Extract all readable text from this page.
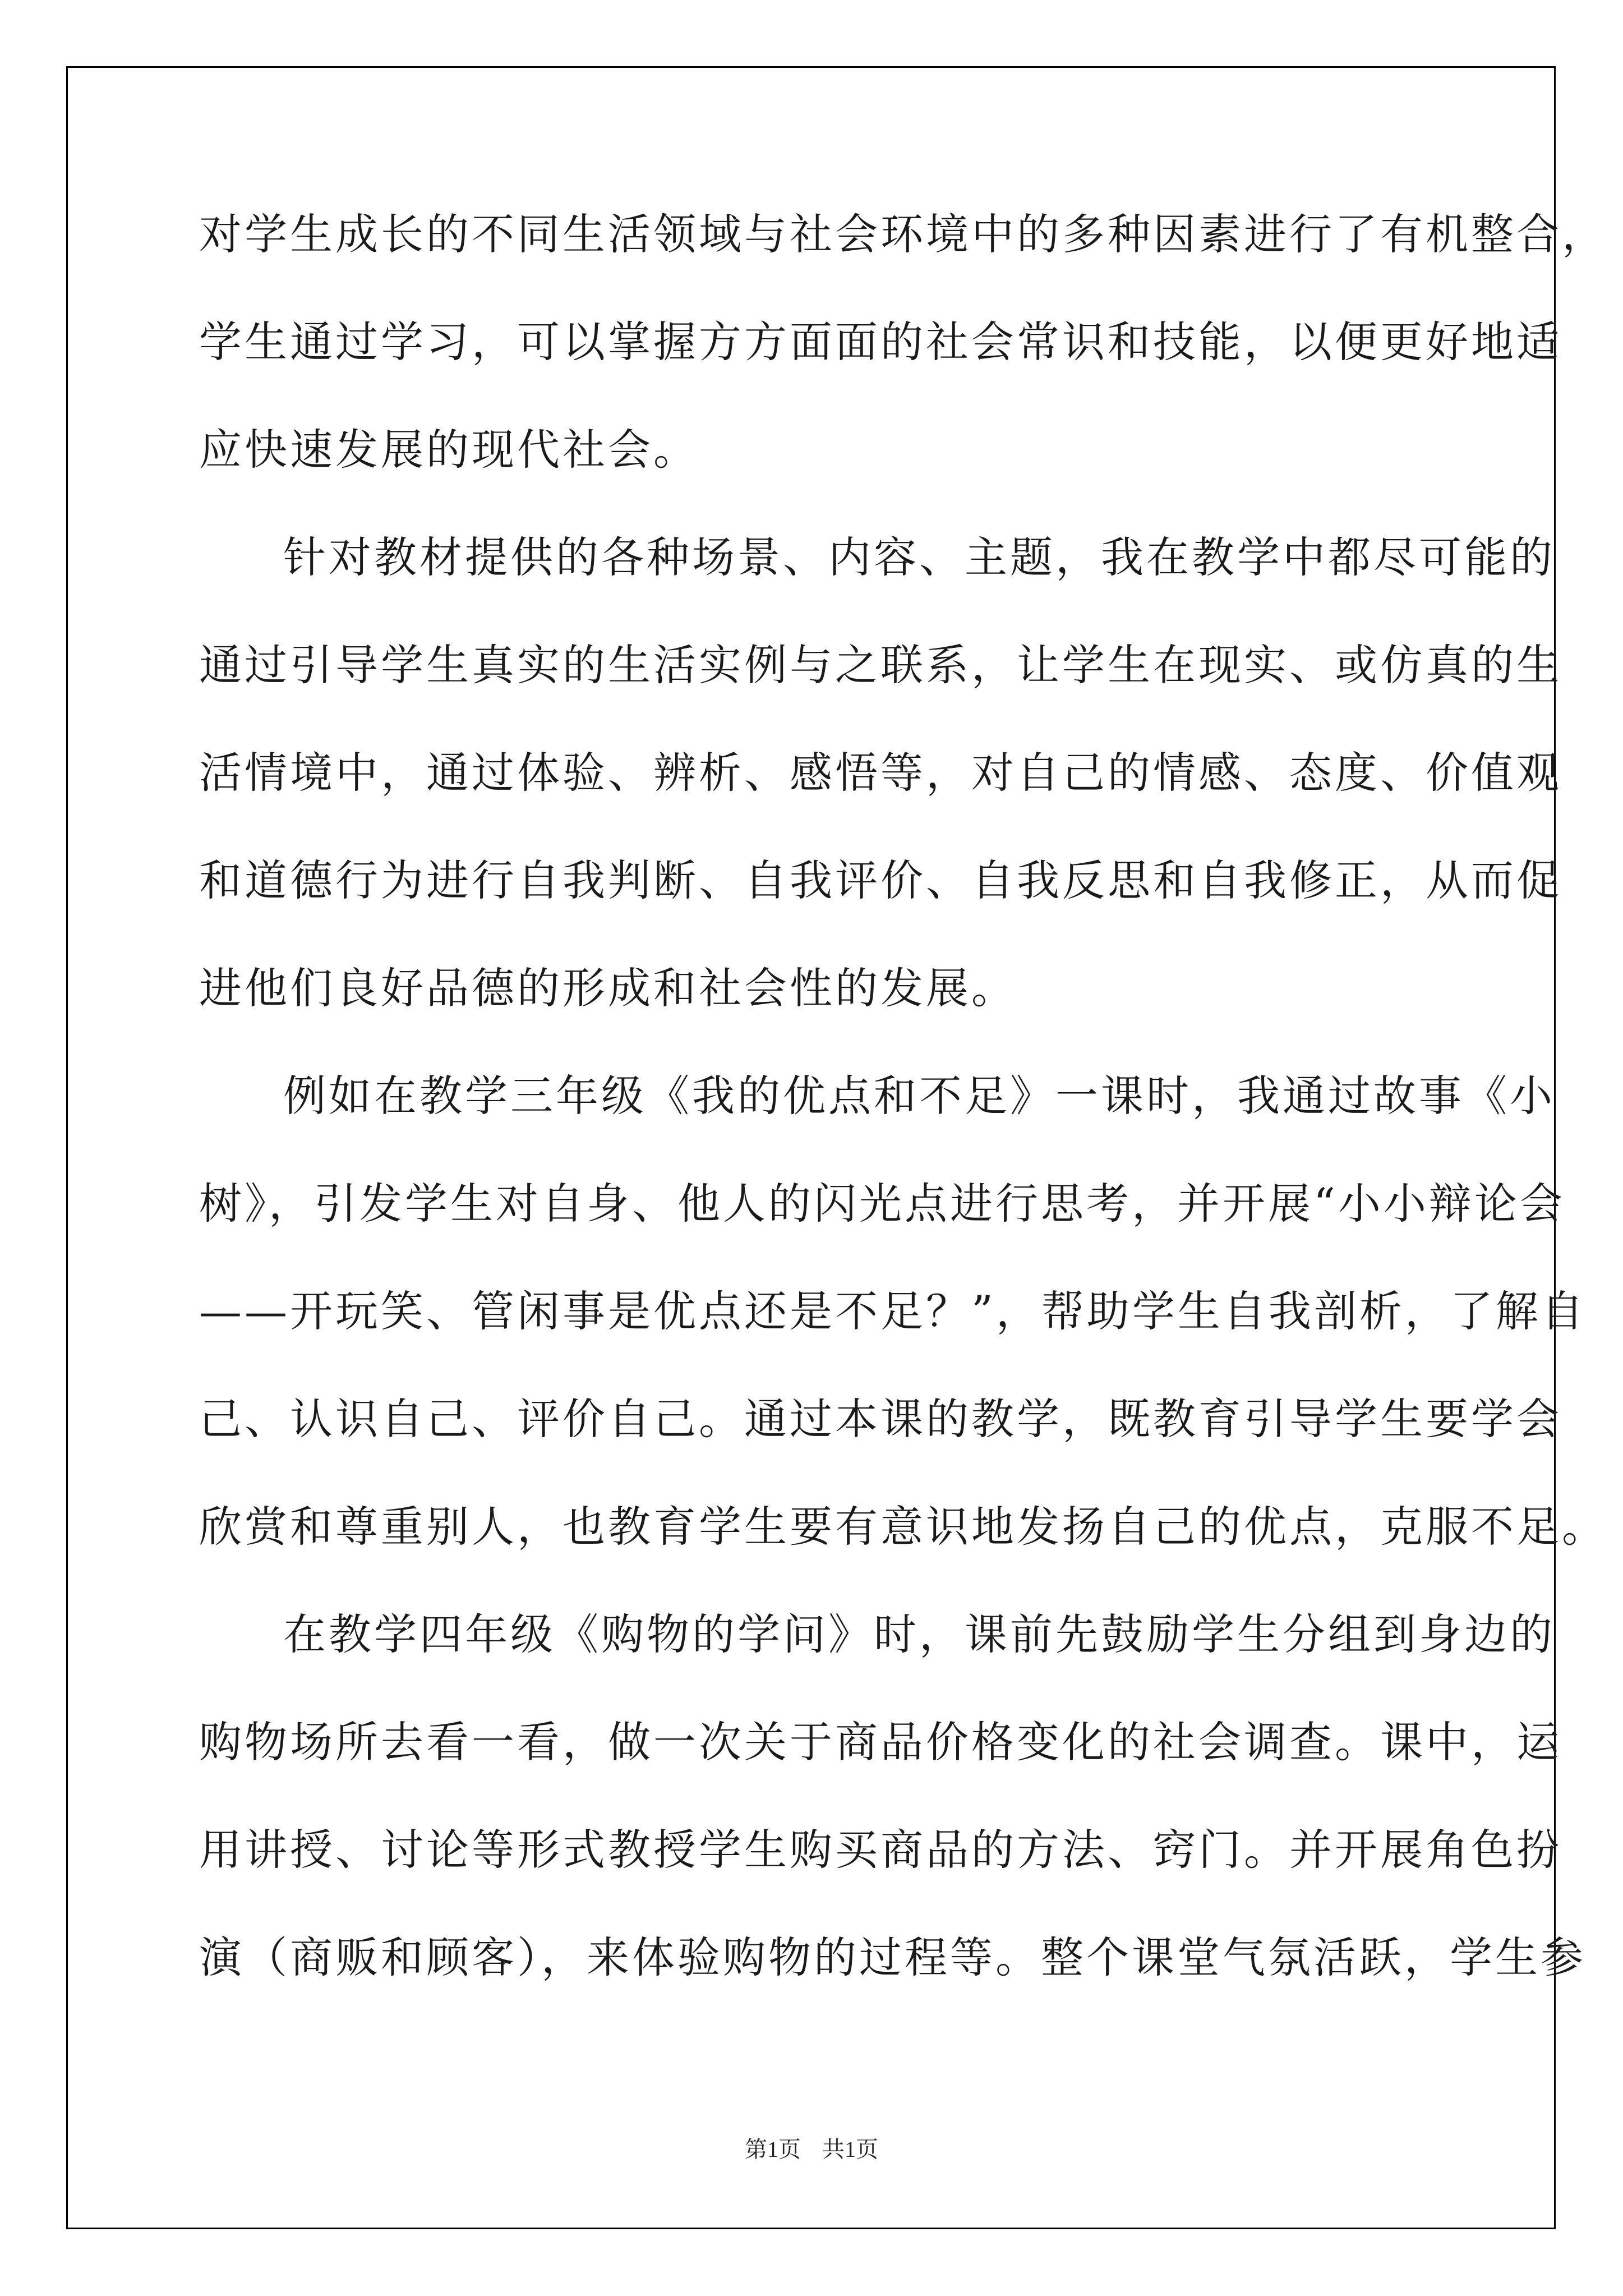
对学生成长的不同生活领域与社会环境中的多种因素进行了有机整合，
学生通过学习，可以掌握方方面面的社会常识和技能，以便更好地适
应快速发展的现代社会。
针对教材提供的各种场景、内容、主题，我在教学中都尽可能的
通过引导学生真实的生活实例与之联系，让学生在现实、或仿真的生
活情境中，通过体验、辨析、感悟等，对自己的情感、态度、价值观
和道德行为进行自我判断、自我评价、自我反思和自我修正，从而促
进他们良好品德的形成和社会性的发展。
例如在教学三年级《我的优点和不足》一课时，我通过故事《小
树》，引发学生对自身、他人的闪光点进行思考，并开展“小小辩论会
——开玩笑、管闲事是优点还是不足？”，帮助学生自我剖析，了解自
己、认识自己、评价自己。通过本课的教学，既教育引导学生要学会
欣赏和尊重别人，也教育学生要有意识地发扬自己的优点，克服不足。
在教学四年级《购物的学问》时，课前先鼓励学生分组到身边的
购物场所去看一看，做一次关于商品价格变化的社会调查。课中，运
用讲授、讨论等形式教授学生购买商品的方法、窍门。并开展角色扮
演（商贩和顾客），来体验购物的过程等。整个课堂气氛活跃，学生参
第1页 共1页
